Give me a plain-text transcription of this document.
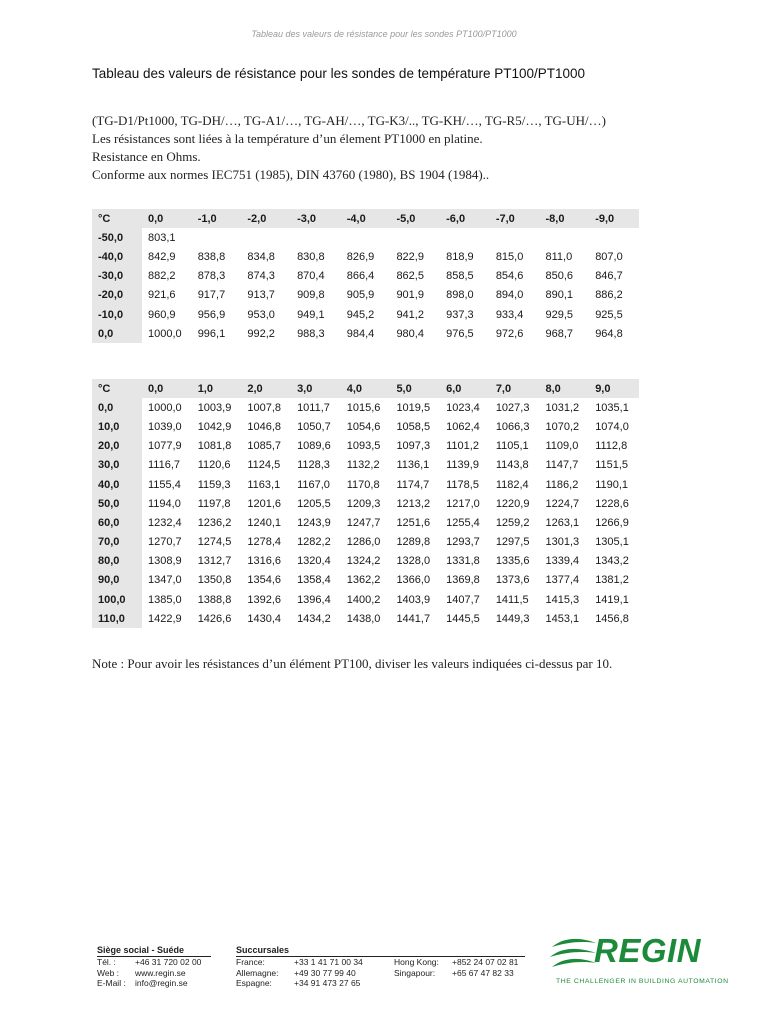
Tableau des valeurs de résistance pour les sondes PT100/PT1000
Tableau des valeurs de résistance pour les sondes de température PT100/PT1000
(TG-D1/Pt1000, TG-DH/…, TG-A1/…, TG-AH/…, TG-K3/.., TG-KH/…, TG-R5/…, TG-UH/…)
Les résistances sont liées à la température d’un élement PT1000 en platine.
Resistance en Ohms.
Conforme aux normes IEC751 (1985), DIN 43760 (1980), BS 1904 (1984)..
°C	0,0	-1,0	-2,0	-3,0	-4,0	-5,0	-6,0	-7,0	-8,0	-9,0
-50,0	803,1									
-40,0	842,9	838,8	834,8	830,8	826,9	822,9	818,9	815,0	811,0	807,0
-30,0	882,2	878,3	874,3	870,4	866,4	862,5	858,5	854,6	850,6	846,7
-20,0	921,6	917,7	913,7	909,8	905,9	901,9	898,0	894,0	890,1	886,2
-10,0	960,9	956,9	953,0	949,1	945,2	941,2	937,3	933,4	929,5	925,5
0,0	1000,0	996,1	992,2	988,3	984,4	980,4	976,5	972,6	968,7	964,8
°C	0,0	1,0	2,0	3,0	4,0	5,0	6,0	7,0	8,0	9,0
0,0	1000,0	1003,9	1007,8	1011,7	1015,6	1019,5	1023,4	1027,3	1031,2	1035,1
10,0	1039,0	1042,9	1046,8	1050,7	1054,6	1058,5	1062,4	1066,3	1070,2	1074,0
20,0	1077,9	1081,8	1085,7	1089,6	1093,5	1097,3	1101,2	1105,1	1109,0	1112,8
30,0	1116,7	1120,6	1124,5	1128,3	1132,2	1136,1	1139,9	1143,8	1147,7	1151,5
40,0	1155,4	1159,3	1163,1	1167,0	1170,8	1174,7	1178,5	1182,4	1186,2	1190,1
50,0	1194,0	1197,8	1201,6	1205,5	1209,3	1213,2	1217,0	1220,9	1224,7	1228,6
60,0	1232,4	1236,2	1240,1	1243,9	1247,7	1251,6	1255,4	1259,2	1263,1	1266,9
70,0	1270,7	1274,5	1278,4	1282,2	1286,0	1289,8	1293,7	1297,5	1301,3	1305,1
80,0	1308,9	1312,7	1316,6	1320,4	1324,2	1328,0	1331,8	1335,6	1339,4	1343,2
90,0	1347,0	1350,8	1354,6	1358,4	1362,2	1366,0	1369,8	1373,6	1377,4	1381,2
100,0	1385,0	1388,8	1392,6	1396,4	1400,2	1403,9	1407,7	1411,5	1415,3	1419,1
110,0	1422,9	1426,6	1430,4	1434,2	1438,0	1441,7	1445,5	1449,3	1453,1	1456,8
Note : Pour avoir les résistances d’un élément PT100, diviser les valeurs indiquées ci-dessus par 10.
Siège social - Suéde
Tél. : +46 31 720 02 00
Web : www.regin.se
E-Mail : info@regin.se
Succursales
France:	+33 1 41 71 00 34	Hong Kong: +852 24 07 02 81
Allemagne: +49 30 77 99 40	Singapour: +65 67 47 82 33
Espagne:	+34 91 473 27 65
REGIN
THE CHALLENGER IN BUILDING AUTOMATION
